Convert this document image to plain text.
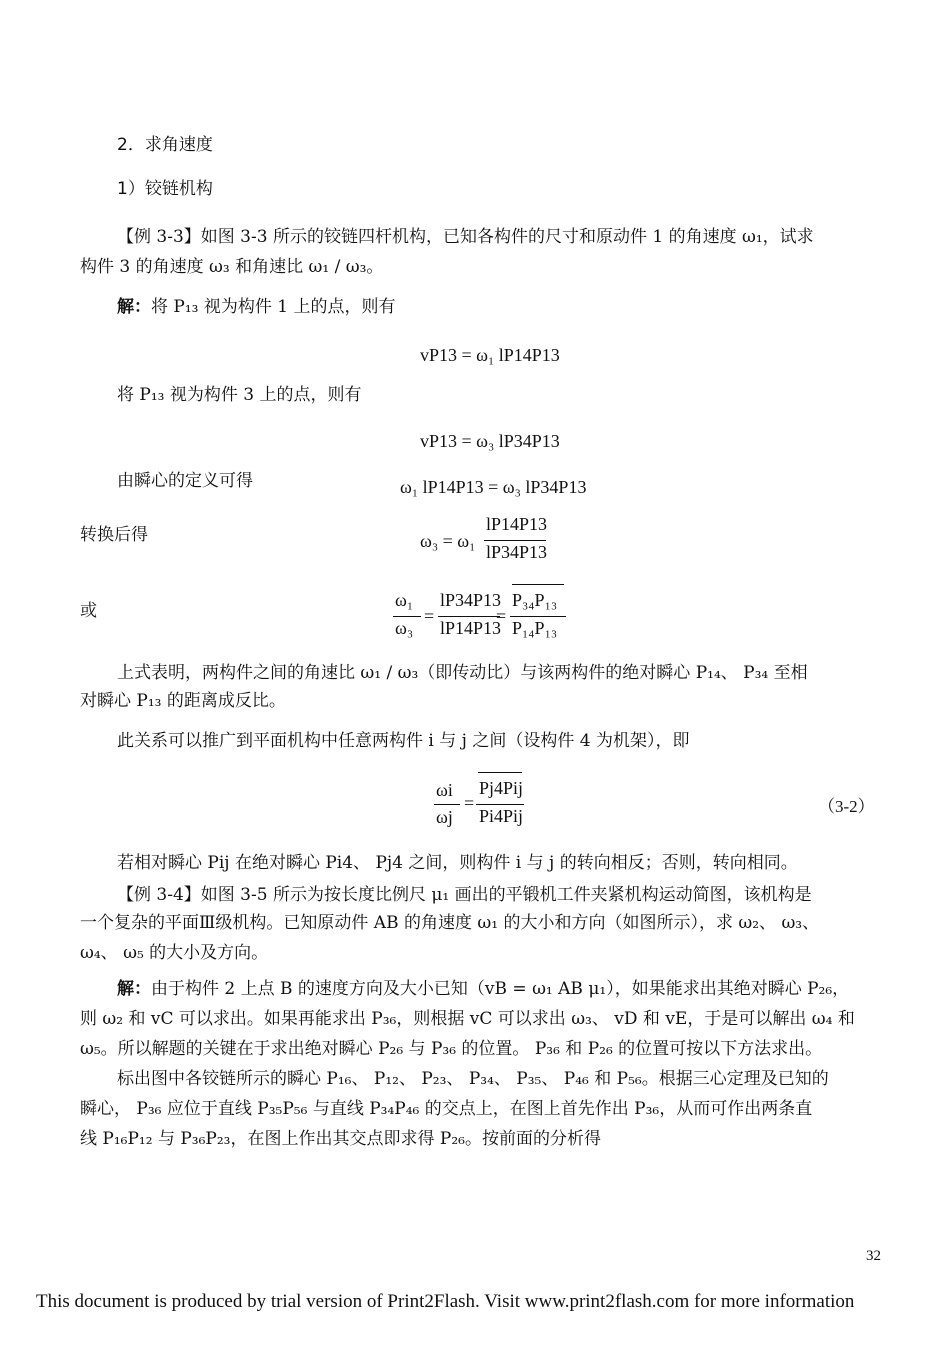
2．求角速度
1）铰链机构
【例 3-3】如图 3-3 所示的铰链四杆机构，已知各构件的尺寸和原动件 1 的角速度 ω₁，试求
构件 3 的角速度 ω₃ 和角速比 ω₁ / ω₃。
解：将 P₁₃ 视为构件 1 上的点，则有
vP13 = ω₁ lP14P13
将 P₁₃ 视为构件 3 上的点，则有
vP13 = ω₃ lP34P13
由瞬心的定义可得	ω₁ lP14P13 = ω₃ lP34P13
转换后得	ω₃ = ω₁
lP14P13
lP34P13
或
ω₁
ω₃
=
lP34P13
lP14P13
=
P₃₄P₁₃
P₁₄P₁₃
上式表明，两构件之间的角速比 ω₁ / ω₃（即传动比）与该两构件的绝对瞬心 P₁₄、 P₃₄ 至相
对瞬心 P₁₃ 的距离成反比。
此关系可以推广到平面机构中任意两构件 i 与 j 之间（设构件 4 为机架），即
ωi
ωj
=
Pj4Pij
Pi4Pij	（3-2）
若相对瞬心 Pij 在绝对瞬心 Pi4、 Pj4 之间，则构件 i 与 j 的转向相反；否则，转向相同。
【例 3-4】如图 3-5 所示为按长度比例尺 μ₁ 画出的平锻机工件夹紧机构运动简图，该机构是
一个复杂的平面Ⅲ级机构。已知原动件 AB 的角速度 ω₁ 的大小和方向（如图所示），求 ω₂、 ω₃、
ω₄、 ω₅ 的大小及方向。
解：由于构件 2 上点 B 的速度方向及大小已知（vB = ω₁ AB μ₁），如果能求出其绝对瞬心 P₂₆，
则 ω₂ 和 vC 可以求出。如果再能求出 P₃₆，则根据 vC 可以求出 ω₃、 vD 和 vE，于是可以解出 ω₄ 和
ω₅。所以解题的关键在于求出绝对瞬心 P₂₆ 与 P₃₆ 的位置。 P₃₆ 和 P₂₆ 的位置可按以下方法求出。
标出图中各铰链所示的瞬心 P₁₆、 P₁₂、 P₂₃、 P₃₄、 P₃₅、 P₄₆ 和 P₅₆。根据三心定理及已知的
瞬心， P₃₆ 应位于直线 P₃₅P₅₆ 与直线 P₃₄P₄₆ 的交点上，在图上首先作出 P₃₆，从而可作出两条直
线 P₁₆P₁₂ 与 P₃₆P₂₃，在图上作出其交点即求得 P₂₆。按前面的分析得
32
This document is produced by trial version of Print2Flash. Visit www.print2flash.com for more information
